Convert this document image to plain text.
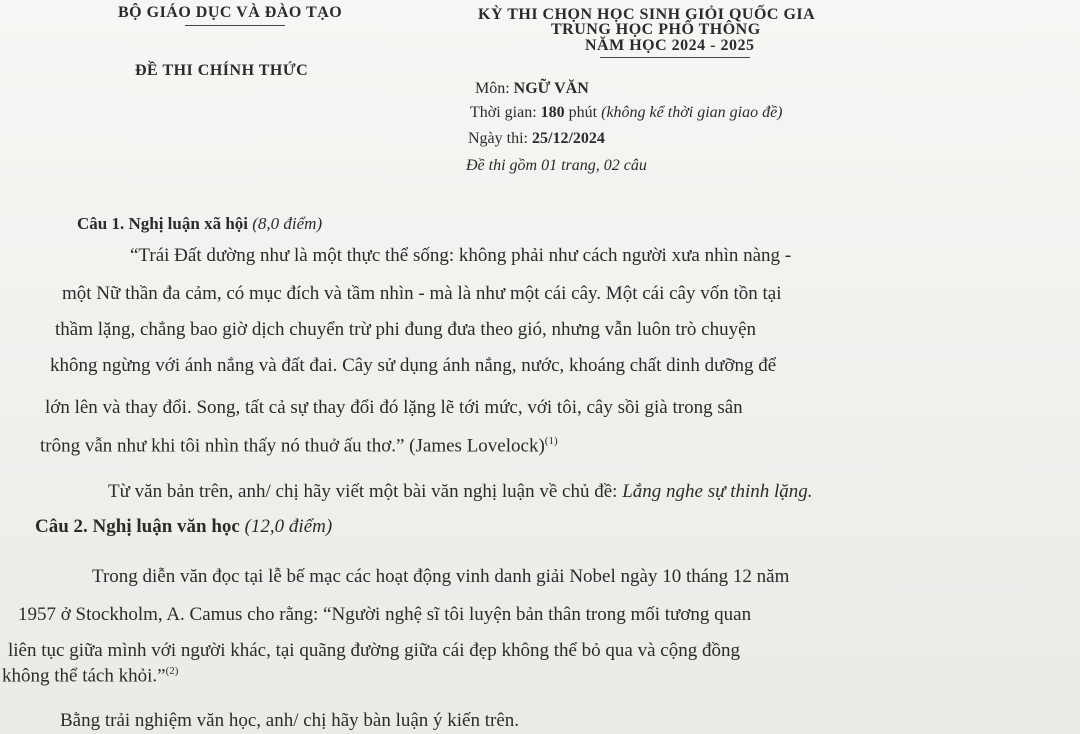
BỘ GIÁO DỤC VÀ ĐÀO TẠO
ĐỀ THI CHÍNH THỨC
KỲ THI CHỌN HỌC SINH GIỎI QUỐC GIA
TRUNG HỌC PHỔ THÔNG
NĂM HỌC 2024 - 2025
Môn: NGỮ VĂN
Thời gian: 180 phút (không kể thời gian giao đề)
Ngày thi: 25/12/2024
Đề thi gồm 01 trang, 02 câu
Câu 1. Nghị luận xã hội (8,0 điểm)
“Trái Đất dường như là một thực thể sống: không phải như cách người xưa nhìn nàng -
một Nữ thần đa cảm, có mục đích và tầm nhìn - mà là như một cái cây. Một cái cây vốn tồn tại
thầm lặng, chẳng bao giờ dịch chuyển trừ phi đung đưa theo gió, nhưng vẫn luôn trò chuyện
không ngừng với ánh nắng và đất đai. Cây sử dụng ánh nắng, nước, khoáng chất dinh dưỡng để
lớn lên và thay đổi. Song, tất cả sự thay đổi đó lặng lẽ tới mức, với tôi, cây sồi già trong sân
trông vẫn như khi tôi nhìn thấy nó thuở ấu thơ.” (James Lovelock)$^{(1)}$
Từ văn bản trên, anh/ chị hãy viết một bài văn nghị luận về chủ đề: Lắng nghe sự thinh lặng.
Câu 2. Nghị luận văn học (12,0 điểm)
Trong diễn văn đọc tại lễ bế mạc các hoạt động vinh danh giải Nobel ngày 10 tháng 12 năm
1957 ở Stockholm, A. Camus cho rằng: “Người nghệ sĩ tôi luyện bản thân trong mối tương quan
liên tục giữa mình với người khác, tại quãng đường giữa cái đẹp không thể bỏ qua và cộng đồng
không thể tách khỏi.”$^{(2)}$
Bằng trải nghiệm văn học, anh/ chị hãy bàn luận ý kiến trên.
